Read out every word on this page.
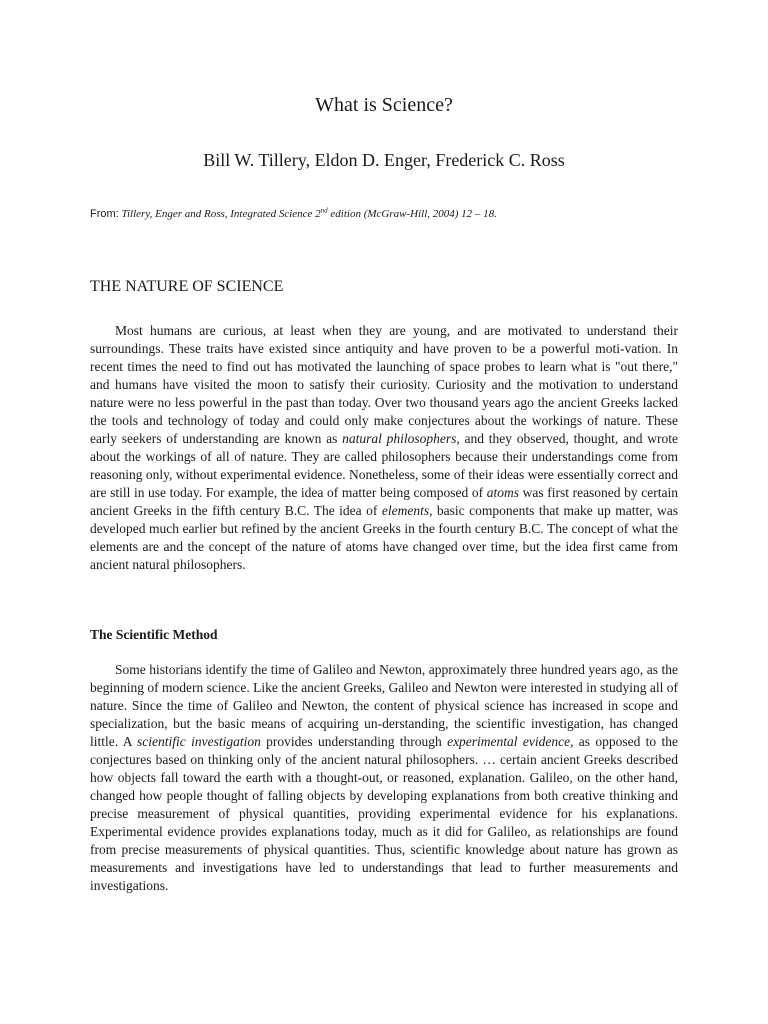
What is Science?
Bill W. Tillery, Eldon D. Enger, Frederick C. Ross
From: Tillery, Enger and Ross, Integrated Science 2nd edition (McGraw-Hill, 2004) 12 – 18.
THE NATURE OF SCIENCE

Most humans are curious, at least when they are young, and are motivated to understand their surroundings. These traits have existed since antiquity and have proven to be a powerful moti-vation. In recent times the need to find out has motivated the launching of space probes to learn what is "out there," and humans have visited the moon to satisfy their curiosity. Curiosity and the motivation to understand nature were no less powerful in the past than today. Over two thousand years ago the ancient Greeks lacked the tools and technology of today and could only make conjectures about the workings of nature. These early seekers of understanding are known as natural philosophers, and they observed, thought, and wrote about the workings of all of nature. They are called philosophers because their understandings come from reasoning only, without experimental evidence. Nonetheless, some of their ideas were essentially correct and are still in use today. For example, the idea of matter being composed of atoms was first reasoned by certain ancient Greeks in the fifth century B.C. The idea of elements, basic components that make up matter, was developed much earlier but refined by the ancient Greeks in the fourth century B.C. The concept of what the elements are and the concept of the nature of atoms have changed over time, but the idea first came from ancient natural philosophers.

The Scientific Method

Some historians identify the time of Galileo and Newton, approximately three hundred years ago, as the beginning of modern science. Like the ancient Greeks, Galileo and Newton were interested in studying all of nature. Since the time of Galileo and Newton, the content of physical science has increased in scope and specialization, but the basic means of acquiring un-derstanding, the scientific investigation, has changed little. A scientific investigation provides understanding through experimental evidence, as opposed to the conjectures based on thinking only of the ancient natural philosophers. … certain ancient Greeks described how objects fall toward the earth with a thought-out, or reasoned, explanation. Galileo, on the other hand, changed how people thought of falling objects by developing explanations from both creative thinking and precise measurement of physical quantities, providing experimental evidence for his explanations. Experimental evidence provides explanations today, much as it did for Galileo, as relationships are found from precise measurements of physical quantities. Thus, scientific knowledge about nature has grown as measurements and investigations have led to understandings that lead to further measurements and investigations.
